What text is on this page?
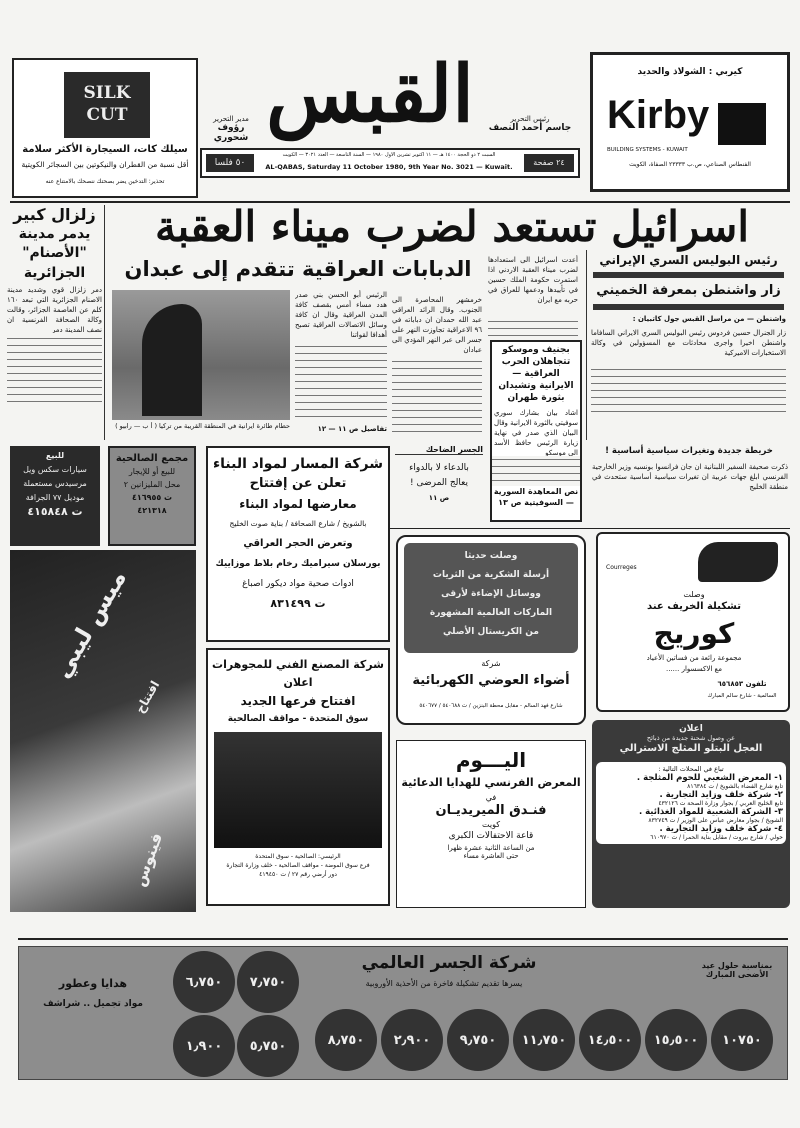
SILK
CUT
سيلك كات، السيجارة الأكثر سلامة
أقل نسبة من القطران والنيكوتين بين السجائر الكويتية
تحذير: التدخين يضر بصحتك ننصحك بالامتناع عنه
القبس	رئيس التحرير
جاسم أحمد النصف
مدير التحرير
رؤوف شحوري
٥٠ فلسا	٢٤ صفحة
السبت ٢ ذو الحجة ١٤٠٠ هـ — ١١ اكتوبر تشرين الاول ١٩٨٠ — السنة التاسعة — العدد ٣٠٢١ — الكويت
AL-QABAS, Saturday 11 October 1980, 9th Year No. 3021 — Kuwait.
كيربي : الشولاذ والحديد
Kirby
BUILDING SYSTEMS - KUWAIT
الفنطاس الصناعي، ص.ب ٢٣٣٣٣ الصفاة، الكويت
اسرائيل تستعد لضرب ميناء العقبة
الدبابات العراقية تتقدم إلى عبدان
زلزال كبير
يدمر مدينة
"الأصنام"
الجزائرية
دمر زلزال قوي وشديد مدينة الاصنام الجزائرية التي تبعد ١٦٠ كلم عن العاصمة الجزائر، وقالت وكالة الصحافة الفرنسية ان نصف المدينة دمر
حطام طائرة ايرانية في المنطقة القريبة من تركيا ( أ ب — رابيو )
الرئيس أبو الحسن بني صدر هدد مساء أمس بقصف كافة المدن العراقية وقال ان كافة وسائل الاتصالات العراقية تصبح أهدافا لقواتنا
تفاصيل ص ١١ — ١٢
خرمشهر المحاصرة الى الجنوب. وقال الرائد العراقي عبد الله حمدان ان دباباته في ٩٦ الاعراقية تجاوزت النهر على جسر الى عبر النهر المؤدي الى عبادان
أعدت اسرائيل الى استعدادها لضرب ميناء العقبة الاردني اذا استمرت حكومة الملك حسين في تأييدها ودعمها للعراق في حربه مع ايران
بجنيف وموسكو تتجاهلان الحرب العراقية — الايرانية وتشيدان بثورة طهران
اشاد بيان بشارك سوري سوفيتي بالثورة الايرانية وقال البيان الذي صدر في نهاية زيارة الرئيس حافظ الأسد الى موسكو
نص المعاهدة السورية — السوفيتية ص ١٣
رئيس البوليس السري الإيراني
زار واشنطن بمعرفة الخميني
واشنطن — من مراسل القبس جول كاتبيان :
زار الجنرال حسين فردوس رئيس البوليس السري الايراني السافاما واشنطن اخيرا واجرى محادثات مع المسؤولين في وكالة الاستخبارات الاميركية
خريطة جديدة وتغيرات سياسية أساسية !
ذكرت صحيفة السفير اللبنانية ان جان فرانسوا بونسيه وزير الخارجية الفرنسي ابلغ جهات عربية ان تغيرات سياسية أساسية ستحدث في منطقة الخليج
الجسر الضاحك
بالدعاء لا بالدواء
يعالج المرضى !
ص ١١
للبيع
سيارات سكس ويل
مرسيدس مستعملة
موديل ٧٧ الجرافة
ت ٤١٥٨٤٨
مجمع الصالحية
للبيع أو للإيجار
محل المليزانين ٢
ت ٤١٦٩٥٥
٤٢١٣١٨
شركة المسار لمواد البناء
تعلن عن إفتتاح
معارضها لمواد البناء
بالشويخ / شارع الصحافة / بناية صوت الخليج
وتعرض الحجر العراقي
بورسلان سيراميك رخام بلاط موزاييك
ادوات صحية مواد ديكور اصباغ
ت ٨٣١٤٩٩
ميس ليبي
افتتاح
فينوس
شركة المصنع الفني للمجوهرات
اعلان
افتتاح فرعها الجديد
سوق المتحدة - مواقف الصالحية
الرئيسي: الصالحية - سوق المتحدة
فرع سوق الموضة - مواقف الصالحية - خلف وزارة التجارة
دور أرضي رقم ٢٧ / ت ٤١٩٤٥٠
وصلت حديثا
أرسلة الشكرية من الثريات
ووسائل الإضاءة لأرقى
الماركات العالمية المشهورة
من الكريستال الأصلي
شركة
أضواء العوضي الكهربائية
شارع فهد السالم - مقابل محطة البنزين / ت ٥٤٠٦٨٨ / ٥٤٠٦٧٧
Courreges
وصلت
تشكيلة الخريف عند
كوريج
مجموعة رائعة من فساتين الأعياد
مع الاكسسوار ......
تلفون ٦٥٦٨٥٣
السالمية - شارع سالم المبارك
اليـــوم
المعرض الفرنسي للهدايا الدعائية
في
فنـدق الميريديـان
كويت
قاعة الاحتفالات الكبرى
من الساعة الثانية عشرة ظهرا
حتى العاشرة مساء
اعلان
عن وصول شحنة جديدة من ذبائح
العجل البتلو المثلج الاسترالي
تباع في المحلات التالية :
١- المعرض الشعبي للحوم المثلجة .
تابع شارع الفضاء بالشويخ / ت ٨١٦٣٨٤
٢- شركة خلف وزايد التجارية .
تابع الخليج العربي / بجوار وزارة الصحة ت ٤٣٢١٢٦
٣- الشركة الشعبية للمواد الغذائية .
الشويخ / بجوار معارض عباس على الوزير / ت ٨٣٢٧٤٩
٤- شركة خلف وزايد التجارية .
حولي / شارع بيروت / مقابل بناية الحمرا / ت ٦١٠٩٧٠
شركة الجسر العالمي
يسرها تقديم تشكيلة فاخرة من الأحذية الأوروبية
بمناسبة حلول عيد الأضحى المبارك
هدايا وعطور
مواد تجميل .. شراشف
١٠٧٥٠
١٥٫٥٠٠
١٤٫٥٠٠
١١٫٧٥٠
٩٫٧٥٠
٢٫٩٠٠
٨٫٧٥٠
٧٫٧٥٠
٦٫٧٥٠
١٫٩٠٠ ٥٫٧٥٠
